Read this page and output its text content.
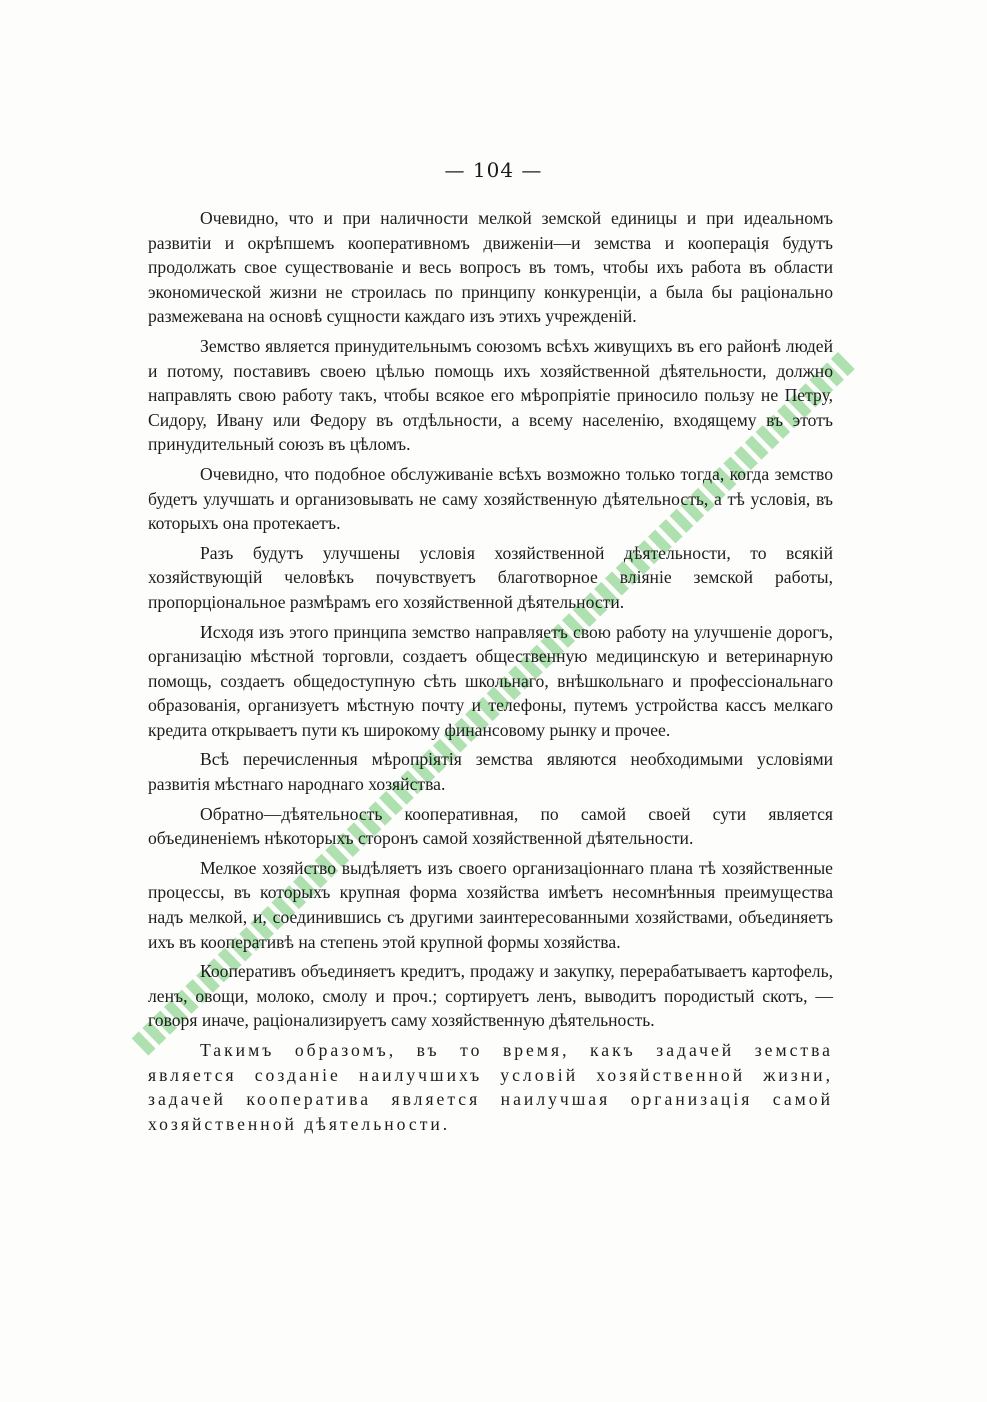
— 104 —

Очевидно, что и при наличности мелкой земской единицы и при идеальномъ развитіи и окрѣпшемъ кооперативномъ движеніи—и земства и кооперація будутъ продолжать свое существованіе и весь вопросъ въ томъ, чтобы ихъ работа въ области экономической жизни не строилась по принципу конкуренціи, а была бы раціонально размежевана на основѣ сущности каждаго изъ этихъ учрежденій.

Земство является принудительнымъ союзомъ всѣхъ живущихъ въ его районѣ людей и потому, поставивъ своею цѣлью помощь ихъ хозяйственной дѣятельности, должно направлять свою работу такъ, чтобы всякое его мѣропріятіе приносило пользу не Петру, Сидору, Ивану или Федору въ отдѣльности, а всему населенію, входящему въ этотъ принудительный союзъ въ цѣломъ.

Очевидно, что подобное обслуживаніе всѣхъ возможно только тогда, когда земство будетъ улучшать и организовывать не саму хозяйственную дѣятельность, а тѣ условія, въ которыхъ она протекаетъ.

Разъ будутъ улучшены условія хозяйственной дѣятельности, то всякій хозяйствующій человѣкъ почувствуетъ благотворное вліяніе земской работы, пропорціональное размѣрамъ его хозяйственной дѣятельности.

Исходя изъ этого принципа земство направляетъ свою работу на улучшеніе дорогъ, организацію мѣстной торговли, создаетъ общественную медицинскую и ветеринарную помощь, создаетъ общедоступную сѣть школьнаго, внѣшкольнаго и профессіональнаго образованія, организуетъ мѣстную почту и телефоны, путемъ устройства кассъ мелкаго кредита открываетъ пути къ широкому финансовому рынку и прочее.

Всѣ перечисленныя мѣропріятія земства являются необходимыми условіями развитія мѣстнаго народнаго хозяйства.

Обратно—дѣятельность кооперативная, по самой своей сути является объединеніемъ нѣкоторыхъ сторонъ самой хозяйственной дѣятельности.

Мелкое хозяйство выдѣляетъ изъ своего организаціоннаго плана тѣ хозяйственные процессы, въ которыхъ крупная форма хозяйства имѣетъ несомнѣнныя преимущества надъ мелкой, и, соединившись съ другими заинтересованными хозяйствами, объединяетъ ихъ въ кооперативѣ на степень этой крупной формы хозяйства.

Кооперативъ объединяетъ кредитъ, продажу и закупку, перерабатываетъ картофель, ленъ, овощи, молоко, смолу и проч.; сортируетъ ленъ, выводитъ породистый скотъ, — говоря иначе, раціонализируетъ саму хозяйственную дѣятельность.

Такимъ образомъ, въ то время, какъ задачей земства является созданіе наилучшихъ условій хозяйственной жизни, задачей кооператива является наилучшая организація самой хозяйственной дѣятельности.
